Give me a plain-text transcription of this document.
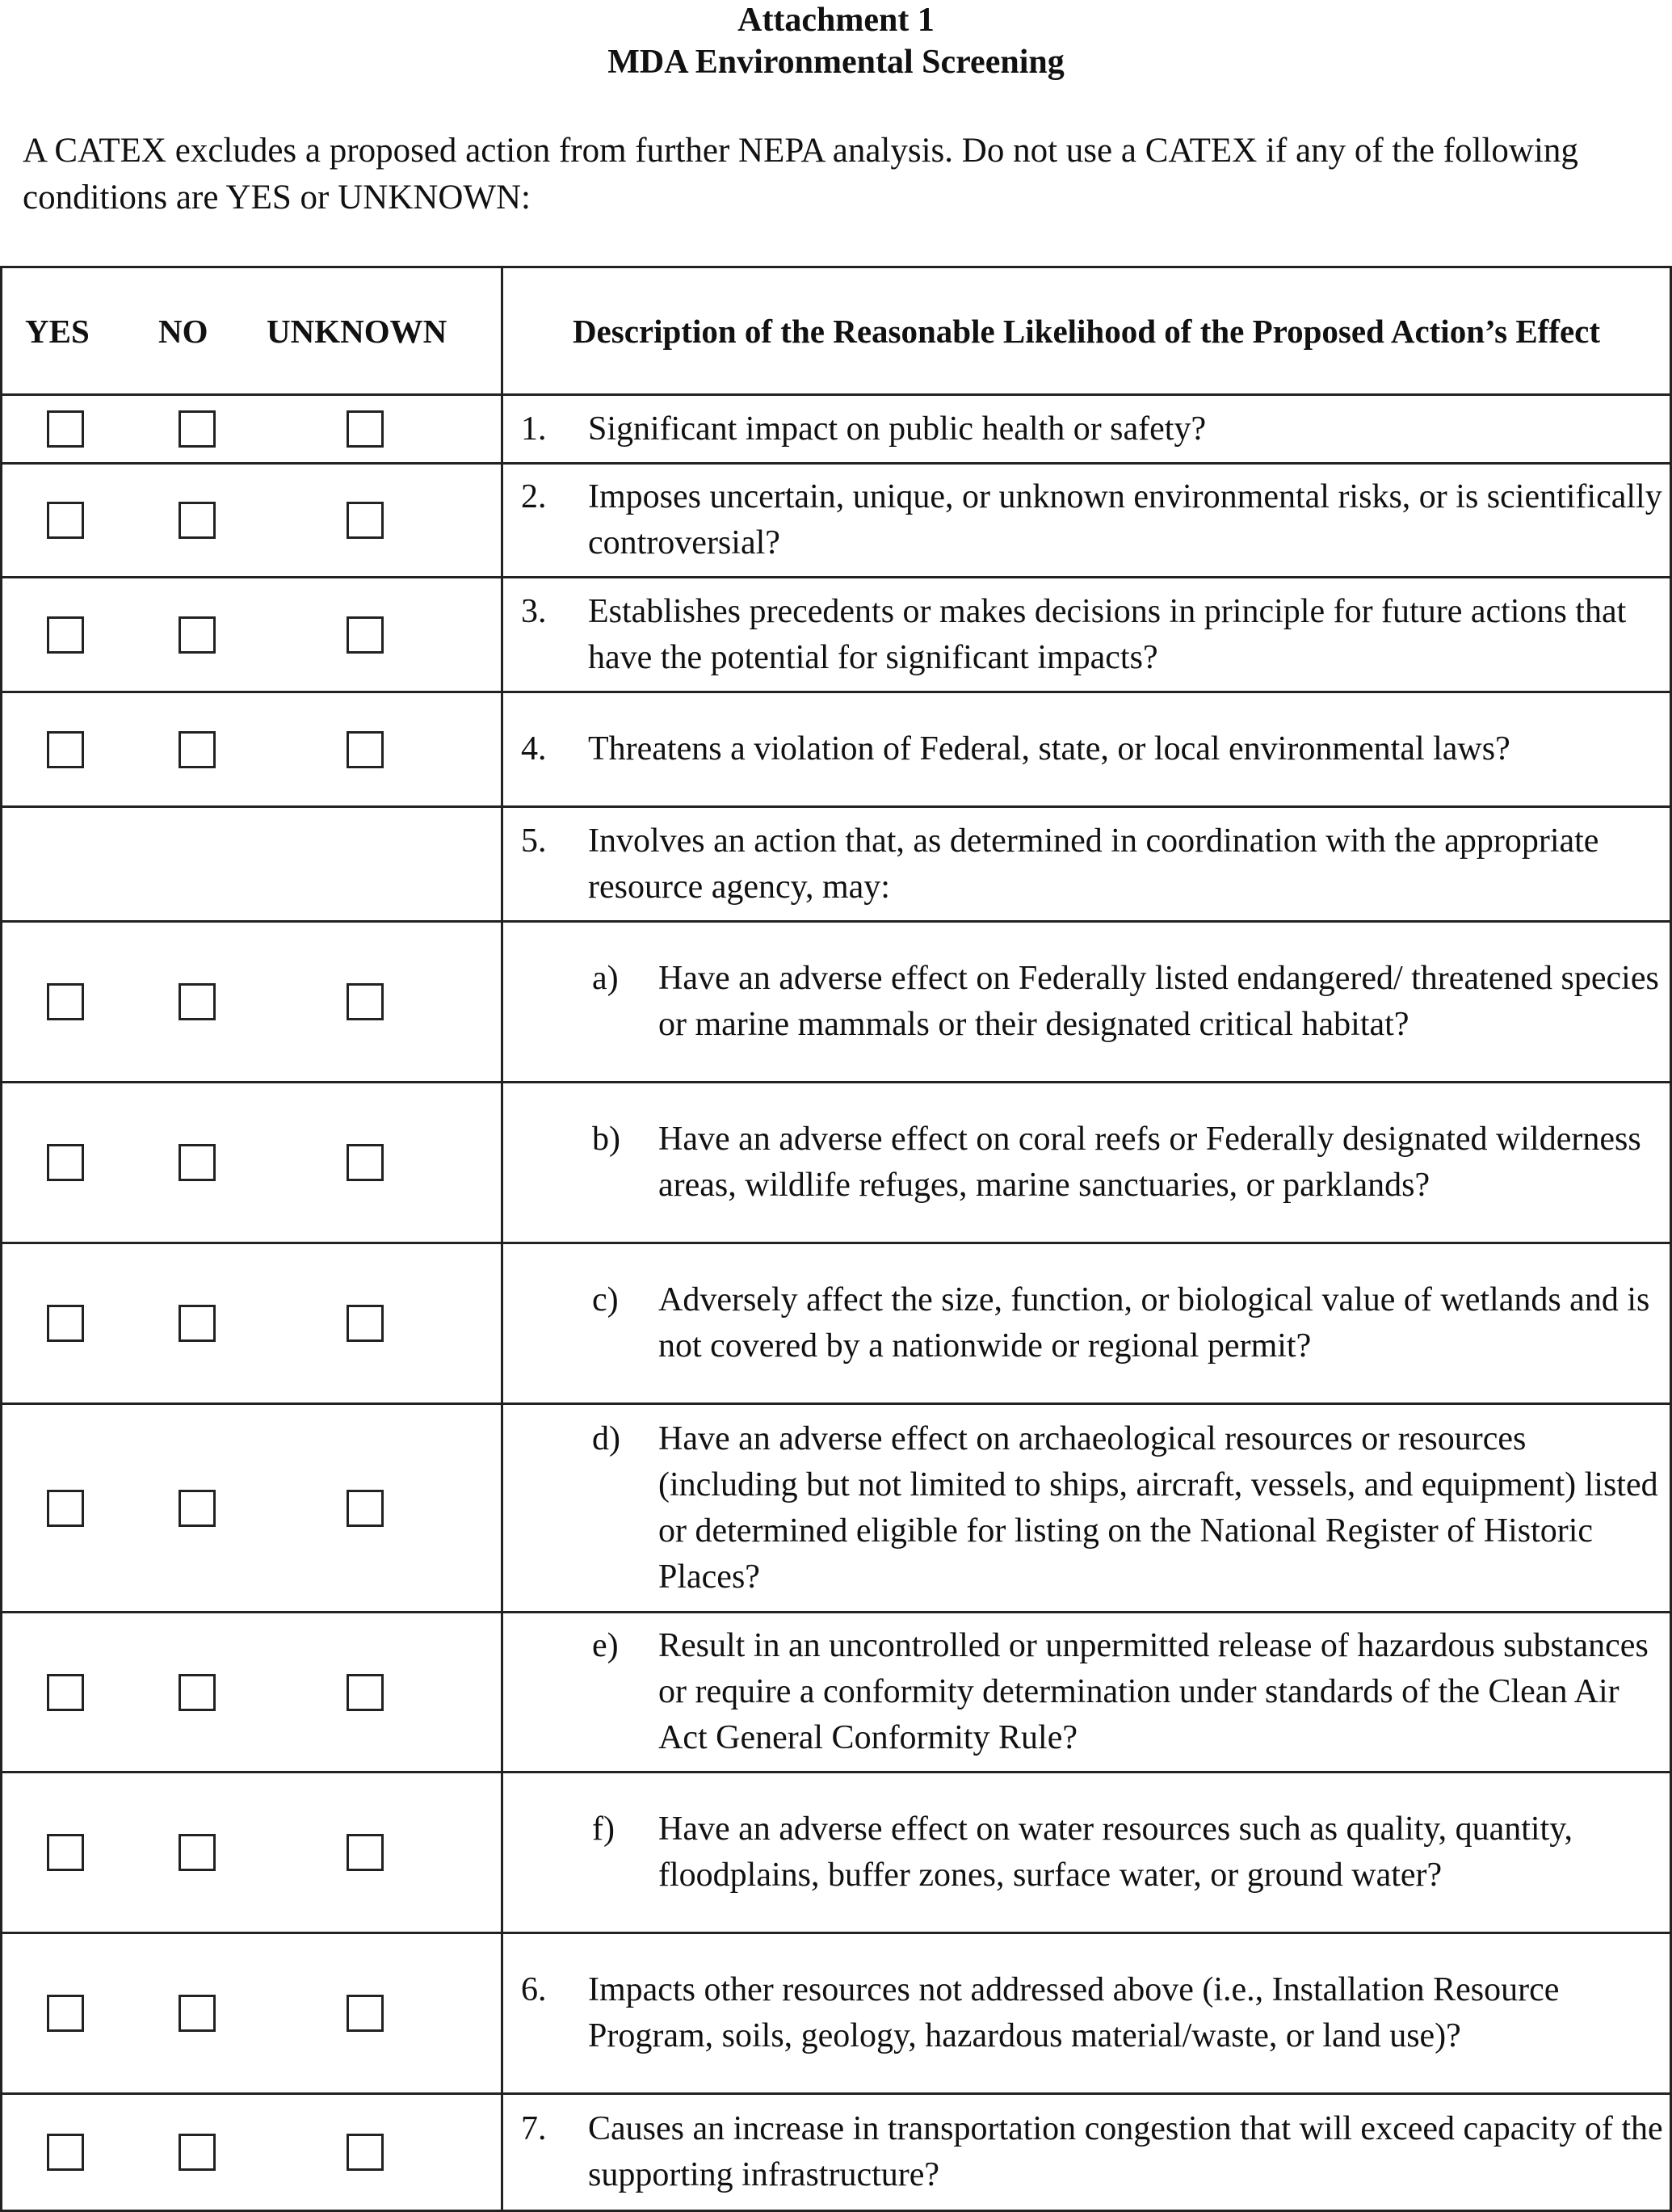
Attachment 1
MDA Environmental Screening
A CATEX excludes a proposed action from further NEPA analysis. Do not use a CATEX if any of the following conditions are YES or UNKNOWN:
YES NO UNKNOWN	Description of the Reasonable Likelihood of the Proposed Action’s Effect

	1. Significant impact on public health or safety?

	2. Imposes uncertain, unique, or unknown environmental risks, or is scientifically controversial?

	3. Establishes precedents or makes decisions in principle for future actions that have the potential for significant impacts?

	4. Threatens a violation of Federal, state, or local environmental laws?

	5. Involves an action that, as determined in coordination with the appropriate resource agency, may:

	a) Have an adverse effect on Federally listed endangered/ threatened species or marine mammals or their designated critical habitat?

	b) Have an adverse effect on coral reefs or Federally designated wilderness areas, wildlife refuges, marine sanctuaries, or parklands?

	c) Adversely affect the size, function, or biological value of wetlands and is not covered by a nationwide or regional permit?

	d) Have an adverse effect on archaeological resources or resources (including but not limited to ships, aircraft, vessels, and equipment) listed or determined eligible for listing on the National Register of Historic Places?

	e) Result in an uncontrolled or unpermitted release of hazardous substances or require a conformity determination under standards of the Clean Air Act General Conformity Rule?

	f) Have an adverse effect on water resources such as quality, quantity, floodplains, buffer zones, surface water, or ground water?

	6. Impacts other resources not addressed above (i.e., Installation Resource Program, soils, geology, hazardous material/waste, or land use)?

	7. Causes an increase in transportation congestion that will exceed capacity of the supporting infrastructure?
